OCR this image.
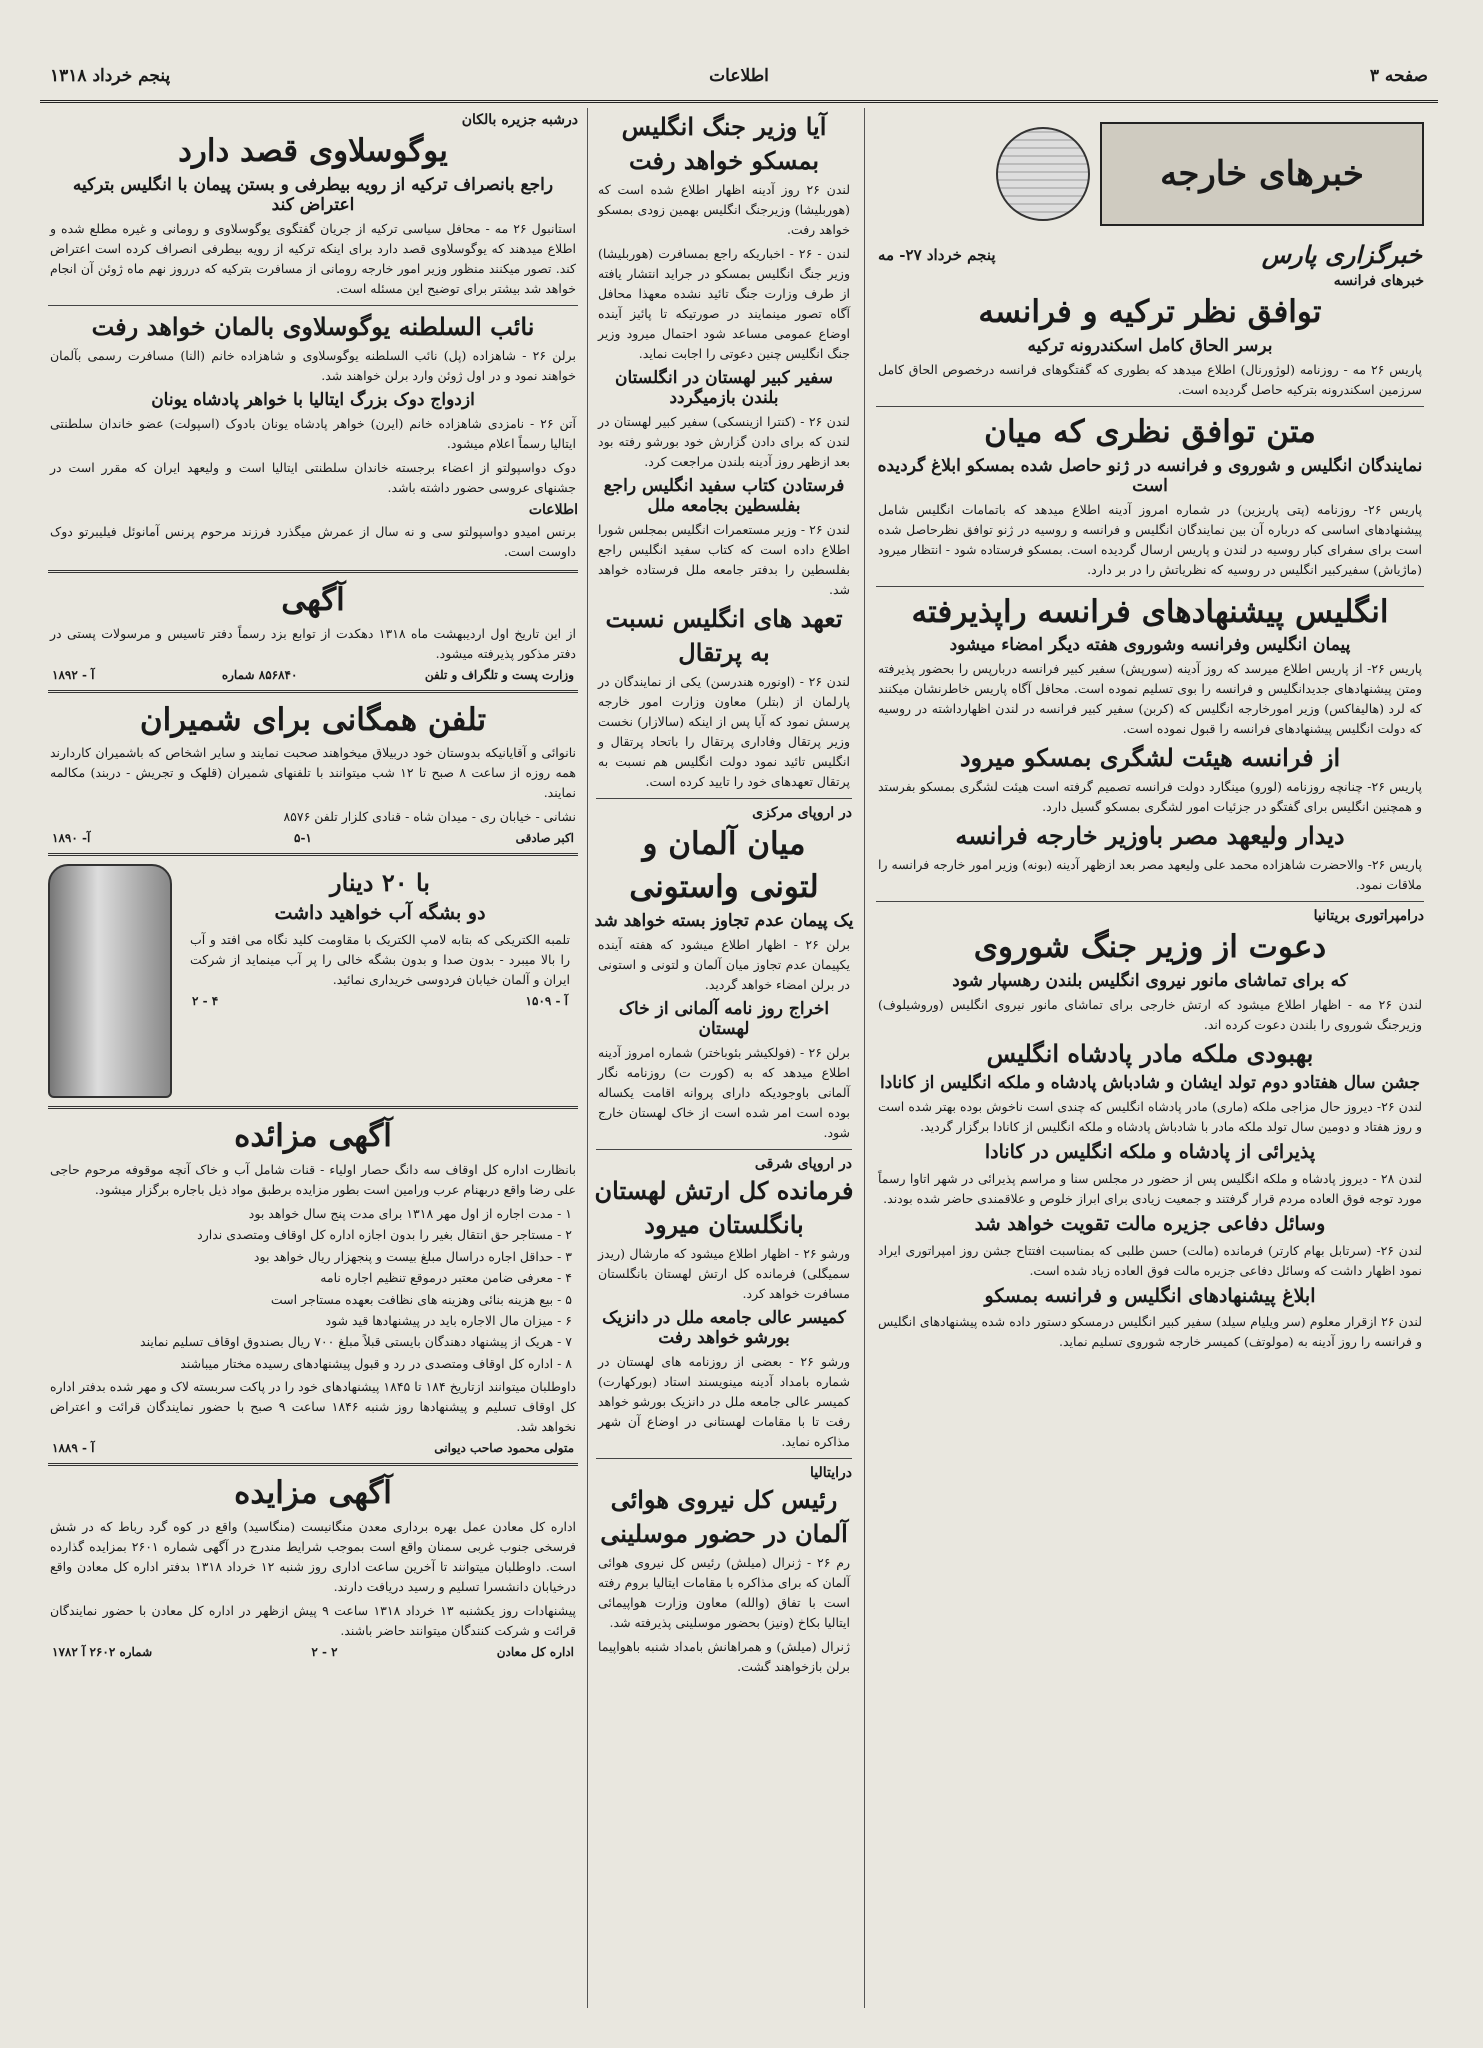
صفحه ۳
اطلاعات
پنجم خرداد ۱۳۱۸
خبرهای خارجه
خبرگزاری پارس
پنجم خرداد ۲۷- مه
خبرهای فرانسه
توافق نظر ترکیه و فرانسه
برسر الحاق کامل اسکندرونه ترکیه
پاریس ۲۶ مه - روزنامه (لوژورنال) اطلاع میدهد که بطوری که گفتگوهای فرانسه درخصوص الحاق کامل سرزمین اسکندرونه بترکیه حاصل گردیده است.
متن توافق نظری که میان
نمایندگان انگلیس و شوروی و فرانسه در ژنو حاصل شده بمسکو ابلاغ گردیده است
پاریس ۲۶- روزنامه (پتی پاریزین) در شماره امروز آدینه اطلاع میدهد که باتمامات انگلیس شامل پیشنهادهای اساسی که درباره آن بین نمایندگان انگلیس و فرانسه و روسیه در ژنو توافق نظرحاصل شده است برای سفرای کبار روسیه در لندن و پاریس ارسال گردیده است. بمسکو فرستاده شود - انتظار میرود (ماژیاش) سفیرکبیر انگلیس در روسیه که نظریاتش را در بر دارد.
انگلیس پیشنهادهای فرانسه راپذیرفته
پیمان انگلیس وفرانسه وشوروی هفته دیگر امضاء میشود
پاریس ۲۶- از پاریس اطلاع میرسد که روز آدینه (سورپش) سفیر کبیر فرانسه دربارپس را بحضور پذیرفته ومتن پیشنهادهای جدیدانگلیس و فرانسه را بوی تسلیم نموده است. محافل آگاه پاریس خاطرنشان میکنند که لرد (هالیفاکس) وزیر امورخارجه انگلیس که (کربن) سفیر کبیر فرانسه در لندن اظهارداشته در روسیه که دولت انگلیس پیشنهادهای فرانسه را قبول نموده است.
از فرانسه هیئت لشگری بمسکو میرود
پاریس ۲۶- چنانچه روزنامه (لورو) مینگارد دولت فرانسه تصمیم گرفته است هیئت لشگری بمسکو بفرستد و همچنین انگلیس برای گفتگو در جزئیات امور لشگری بمسکو گسیل دارد.
دیدار ولیعهد مصر باوزیر خارجه فرانسه
پاریس ۲۶- والاحضرت شاهزاده محمد علی ولیعهد مصر بعد ازظهر آدینه (بونه) وزیر امور خارجه فرانسه را ملاقات نمود.
درامپراتوری بریتانیا
دعوت از وزیر جنگ شوروی
که برای تماشای مانور نیروی انگلیس بلندن رهسپار شود
لندن ۲۶ مه - اظهار اطلاع میشود که ارتش خارجی برای تماشای مانور نیروی انگلیس (وروشیلوف) وزیرجنگ شوروی را بلندن دعوت کرده اند.
بهبودی ملکه مادر پادشاه انگلیس
جشن سال هفتادو دوم تولد ایشان و شادباش پادشاه و ملکه انگلیس از کانادا
لندن ۲۶- دیروز حال مزاجی ملکه (ماری) مادر پادشاه انگلیس که چندی است ناخوش بوده بهتر شده است و روز هفتاد و دومین سال تولد ملکه مادر با شادباش پادشاه و ملکه انگلیس از کانادا برگزار گردید.
پذیرائی از پادشاه و ملکه انگلیس در کانادا
لندن ۲۸ - دیروز پادشاه و ملکه انگلیس پس از حضور در مجلس سنا و مراسم پذیرائی در شهر اتاوا رسماً مورد توجه فوق العاده مردم قرار گرفتند و جمعیت زیادی برای ابراز خلوص و علاقمندی حاضر شده بودند.
وسائل دفاعی جزیره مالت تقویت خواهد شد
لندن ۲۶- (سرتابل بهام کارتر) فرمانده (مالت) حسن طلبی که بمناسبت افتتاح جشن روز امپراتوری ایراد نمود اظهار داشت که وسائل دفاعی جزیره مالت فوق العاده زیاد شده است.
ابلاغ پیشنهادهای انگلیس و فرانسه بمسکو
لندن ۲۶ ازقرار معلوم (سر ویلیام سیلد) سفیر کبیر انگلیس درمسکو دستور داده شده پیشنهادهای انگلیس و فرانسه را روز آدینه به (مولوتف) کمیسر خارجه شوروی تسلیم نماید.
آیا وزیر جنگ انگلیس
بمسکو خواهد رفت
لندن ۲۶ روز آدینه اظهار اطلاع شده است که (هوربلیشا) وزیرجنگ انگلیس بهمین زودی بمسکو خواهد رفت.
لندن - ۲۶ - اخباریکه راجع بمسافرت (هوربلیشا) وزیر جنگ انگلیس بمسکو در جراید انتشار یافته از طرف وزارت جنگ تائید نشده معهذا محافل آگاه تصور مینمایند در صورتیکه تا پائیز آینده اوضاع عمومی مساعد شود احتمال میرود وزیر جنگ انگلیس چنین دعوتی را اجابت نماید.
سفیر کبیر لهستان در انگلستان بلندن بازمیگردد
لندن ۲۶ - (کنترا ازینسکی) سفیر کبیر لهستان در لندن که برای دادن گزارش خود بورشو رفته بود بعد ازظهر روز آدینه بلندن مراجعت کرد.
فرستادن کتاب سفید انگلیس راجع بفلسطین بجامعه ملل
لندن ۲۶ - وزیر مستعمرات انگلیس بمجلس شورا اطلاع داده است که کتاب سفید انگلیس راجع بفلسطین را بدفتر جامعه ملل فرستاده خواهد شد.
تعهد های انگلیس نسبت
به پرتقال
لندن ۲۶ - (اونوره هندرسن) یکی از نمایندگان در پارلمان از (بتلر) معاون وزارت امور خارجه پرسش نمود که آیا پس از اینکه (سالازار) نخست وزیر پرتقال وفاداری پرتقال را باتحاد پرتقال و انگلیس تائید نمود دولت انگلیس هم نسبت به پرتقال تعهدهای خود را تایید کرده است.
در اروپای مرکزی
میان آلمان و
لتونی واستونی
یک پیمان عدم تجاوز بسته خواهد شد
برلن ۲۶ - اظهار اطلاع میشود که هفته آینده یکپیمان عدم تجاوز میان آلمان و لتونی و استونی در برلن امضاء خواهد گردید.
اخراج روز نامه آلمانی از خاک لهستان
برلن ۲۶ - (فولکیشر بئوباختر) شماره امروز آدینه اطلاع میدهد که به (کورت ت) روزنامه نگار آلمانی باوجودیکه دارای پروانه اقامت یکساله بوده است امر شده است از خاک لهستان خارج شود.
در اروپای شرقی
فرمانده کل ارتش لهستان
بانگلستان میرود
ورشو ۲۶ - اظهار اطلاع میشود که مارشال (ریدز سمیگلی) فرمانده کل ارتش لهستان بانگلستان مسافرت خواهد کرد.
کمیسر عالی جامعه ملل در دانزیک بورشو خواهد رفت
ورشو ۲۶ - بعضی از روزنامه های لهستان در شماره بامداد آدینه مینویسند استاد (بورکهارت) کمیسر عالی جامعه ملل در دانزیک بورشو خواهد رفت تا با مقامات لهستانی در اوضاع آن شهر مذاکره نماید.
درایتالیا
رئیس کل نیروی هوائی
آلمان در حضور موسلینی
رم ۲۶ - ژنرال (میلش) رئیس کل نیروی هوائی آلمان که برای مذاکره با مقامات ایتالیا بروم رفته است با تفاق (والله) معاون وزارت هواپیمائی ایتالیا بکاخ (ونیز) بحضور موسلینی پذیرفته شد.
ژنرال (میلش) و همراهانش بامداد شنبه باهواپیما برلن بازخواهند گشت.
درشبه جزیره بالکان
یوگوسلاوی قصد دارد
راجع بانصراف ترکیه از رویه بیطرفی و بستن پیمان با انگلیس بترکیه اعتراض کند
استانبول ۲۶ مه - محافل سیاسی ترکیه از جریان گفتگوی یوگوسلاوی و رومانی و غیره مطلع شده و اطلاع میدهند که یوگوسلاوی قصد دارد برای اینکه ترکیه از رویه بیطرفی انصراف کرده است اعتراض کند. تصور میکنند منظور وزیر امور خارجه رومانی از مسافرت بترکیه که درروز نهم ماه ژوئن آن انجام خواهد شد بیشتر برای توضیح این مسئله است.
نائب السلطنه یوگوسلاوی بالمان خواهد رفت
برلن ۲۶ - شاهزاده (پل) نائب السلطنه یوگوسلاوی و شاهزاده خانم (النا) مسافرت رسمی بآلمان خواهند نمود و در اول ژوئن وارد برلن خواهند شد.
ازدواج دوک بزرگ ایتالیا با خواهر پادشاه یونان
آتن ۲۶ - نامزدی شاهزاده خانم (ایرن) خواهر پادشاه یونان بادوک (اسپولت) عضو خاندان سلطنتی ایتالیا رسماً اعلام میشود.
دوک دواسپولتو از اعضاء برجسته خاندان سلطنتی ایتالیا است و ولیعهد ایران که مقرر است در جشنهای عروسی حضور داشته باشد.
اطلاعات
برنس امیدو دواسپولتو سی و نه سال از عمرش میگذرد فرزند مرحوم پرنس آمانوئل فیلیبرتو دوک داوست است.
آگهی
از این تاریخ اول اردیبهشت ماه ۱۳۱۸ دهکدت از توابع بزد رسماً دفتر تاسیس و مرسولات پستی در دفتر مذکور پذیرفته میشود.
وزارت پست و تلگراف و تلفن
۸۵۶۸۴۰ شماره
آ - ۱۸۹۲
تلفن همگانی برای شمیران
نانوائی و آقایانیکه بدوستان خود دربیلاق میخواهند صحبت نمایند و سایر اشخاص که باشمیران کاردارند همه روزه از ساعت ۸ صبح تا ۱۲ شب میتوانند با تلفنهای شمیران (قلهک و تجریش - دربند) مکالمه نمایند.
نشانی - خیابان ری - میدان شاه - قنادی کلزار تلفن ۸۵۷۶
اکبر صادقی
۵-۱
آ- ۱۸۹۰
با ۲۰ دینار
دو بشگه آب خواهید داشت
تلمبه الکتریکی که بتابه لامپ الکتریک با مقاومت کلید نگاه می افتد و آب را بالا میبرد - بدون صدا و بدون بشگه خالی را پر آب مینماید از شرکت ایران و آلمان خیابان فردوسی خریداری نمائید.
آ - ۱۵۰۹
۴ - ۲
آگهی مزائده
بانظارت اداره کل اوقاف سه دانگ حصار اولیاء - قنات شامل آب و خاک آنچه موقوفه مرحوم حاجی علی رضا واقع دربهنام عرب ورامین است بطور مزایده برطبق مواد ذیل باجاره برگزار میشود.
۱ - مدت اجاره از اول مهر ۱۳۱۸ برای مدت پنج سال خواهد بود
۲ - مستاجر حق انتقال بغیر را بدون اجازه اداره کل اوقاف ومتصدی ندارد
۳ - حداقل اجاره دراسال مبلغ بیست و پنجهزار ریال خواهد بود
۴ - معرفی ضامن معتبر درموقع تنظیم اجاره نامه
۵ - بیع هزینه بنائی وهزینه های نظافت بعهده مستاجر است
۶ - میزان مال الاجاره باید در پیشنهادها قید شود
۷ - هریک از پیشنهاد دهندگان بایستی قبلاً مبلغ ۷۰۰ ریال بصندوق اوقاف تسلیم نمایند
۸ - اداره کل اوقاف ومتصدی در رد و قبول پیشنهادهای رسیده مختار میباشند
داوطلبان میتوانند ازتاریخ ۱۸۴ تا ۱۸۴۵ پیشنهادهای خود را در پاکت سربسته لاک و مهر شده بدفتر اداره کل اوقاف تسلیم و پیشنهادها روز شنبه ۱۸۴۶ ساعت ۹ صبح با حضور نمایندگان قرائت و اعتراض نخواهد شد.
متولی محمود صاحب دیوانی
آ - ۱۸۸۹
آگهی مزایده
اداره کل معادن عمل بهره برداری معدن منگانیست (منگاسید) واقع در کوه گرد رباط که در شش فرسخی جنوب غربی سمنان واقع است بموجب شرایط مندرج در آگهی شماره ۲۶۰۱ بمزایده گذارده است. داوطلبان میتوانند تا آخرین ساعت اداری روز شنبه ۱۲ خرداد ۱۳۱۸ بدفتر اداره کل معادن واقع درخیابان دانشسرا تسلیم و رسید دریافت دارند.
پیشنهادات روز یکشنبه ۱۳ خرداد ۱۳۱۸ ساعت ۹ پیش ازظهر در اداره کل معادن با حضور نمایندگان قرائت و شرکت کنندگان میتوانند حاضر باشند.
اداره کل معادن
۲ - ۲
شماره ۲۶۰۲ آ ۱۷۸۲
